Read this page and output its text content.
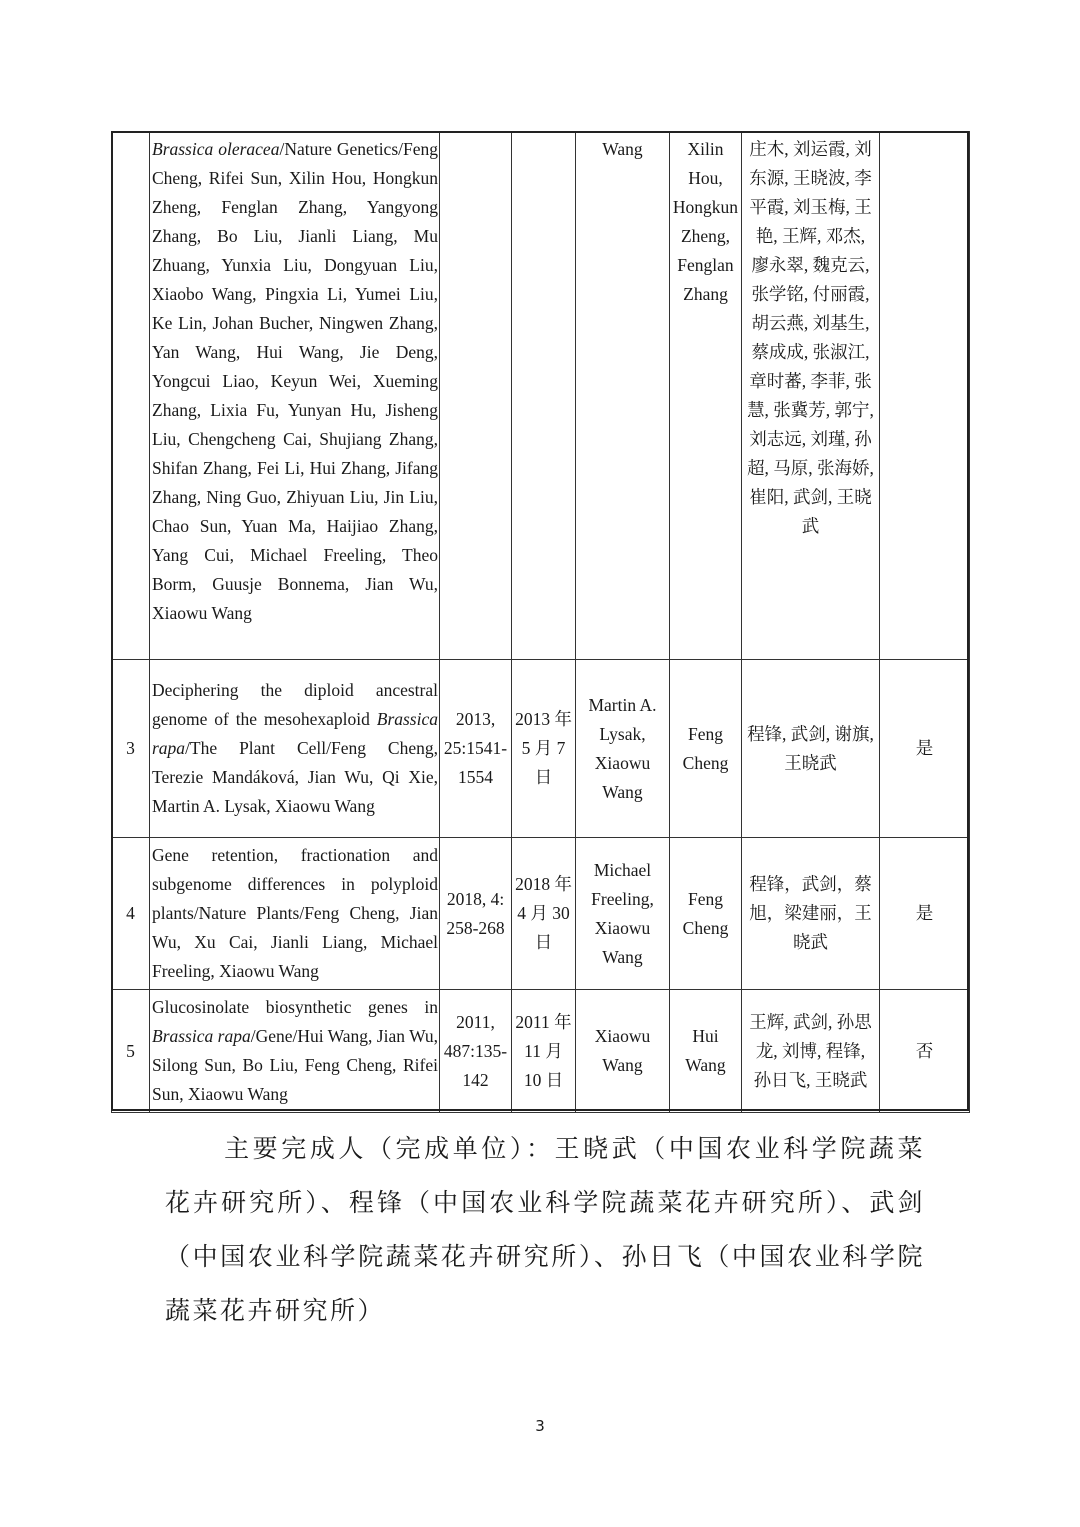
	Brassica oleracea/Nature Genetics/Feng Cheng, Rifei Sun, Xilin Hou, Hongkun Zheng, Fenglan Zhang, Yangyong Zhang, Bo Liu, Jianli Liang, Mu Zhuang, Yunxia Liu, Dongyuan Liu, Xiaobo Wang, Pingxia Li, Yumei Liu, Ke Lin, Johan Bucher, Ningwen Zhang, Yan Wang, Hui Wang, Jie Deng, Yongcui Liao, Keyun Wei, Xueming Zhang, Lixia Fu, Yunyan Hu, Jisheng Liu, Chengcheng Cai, Shujiang Zhang, Shifan Zhang, Fei Li, Hui Zhang, Jifang Zhang, Ning Guo, Zhiyuan Liu, Jin Liu, Chao Sun, Yuan Ma, Haijiao Zhang, Yang Cui, Michael Freeling, Theo Borm, Guusje Bonnema, Jian Wu, Xiaowu Wang			Wang	Xilin Hou, Hongkun Zheng, Fenglan Zhang	庄木, 刘运霞, 刘东源, 王晓波, 李平霞, 刘玉梅, 王艳, 王辉, 邓杰, 廖永翠, 魏克云, 张学铭, 付丽霞, 胡云燕, 刘基生, 蔡成成, 张淑江, 章时蕃, 李菲, 张慧, 张冀芳, 郭宁, 刘志远, 刘瑾, 孙超, 马原, 张海娇, 崔阳, 武剑, 王晓武	
3	Deciphering the diploid ancestral genome of the mesohexaploid Brassica rapa/The Plant Cell/Feng Cheng, Terezie Mandáková, Jian Wu, Qi Xie, Martin A. Lysak, Xiaowu Wang	2013, 25:1541-1554	2013 年 5 月 7 日	Martin A. Lysak, Xiaowu Wang	Feng Cheng	程锋, 武剑, 谢旗, 王晓武	是
4	Gene retention, fractionation and subgenome differences in polyploid plants/Nature Plants/Feng Cheng, Jian Wu, Xu Cai, Jianli Liang, Michael Freeling, Xiaowu Wang	2018, 4: 258-268	2018 年 4 月 30 日	Michael Freeling, Xiaowu Wang	Feng Cheng	程锋，武剑，蔡旭，梁建丽，王晓武	是
5	Glucosinolate biosynthetic genes in Brassica rapa/Gene/Hui Wang, Jian Wu, Silong Sun, Bo Liu, Feng Cheng, Rifei Sun, Xiaowu Wang	2011, 487:135-142	2011 年 11 月 10 日	Xiaowu Wang	Hui Wang	王辉, 武剑, 孙思龙, 刘博, 程锋, 孙日飞, 王晓武	否
主要完成人（完成单位）：王晓武（中国农业科学院蔬菜花卉研究所）、程锋（中国农业科学院蔬菜花卉研究所）、武剑（中国农业科学院蔬菜花卉研究所）、孙日飞（中国农业科学院蔬菜花卉研究所）
3
